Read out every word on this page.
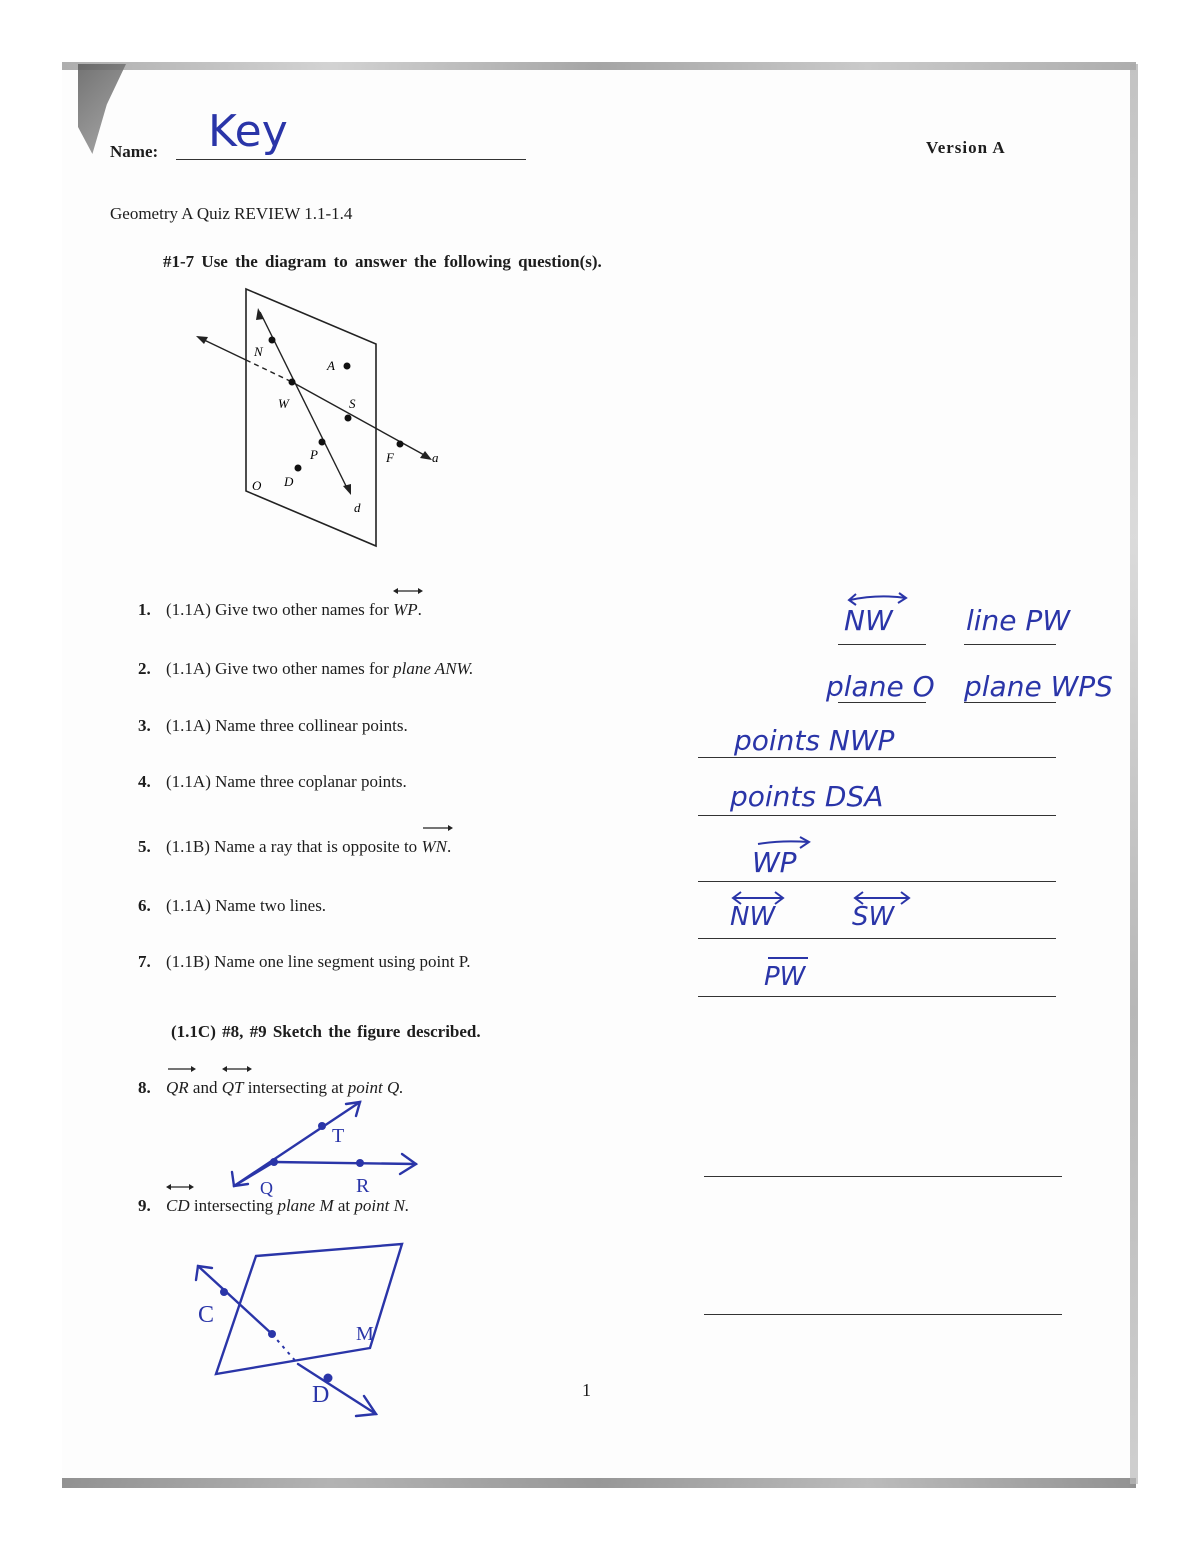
Name: Key	Version A
Geometry A Quiz REVIEW 1.1-1.4
#1-7 Use the diagram to answer the following question(s).
N
A
W	S
P	F	a
O D
d
1. (1.1A) Give two other names for WP.
2. (1.1A) Give two other names for plane ANW.
3. (1.1A) Name three collinear points.
4. (1.1A) Name three coplanar points.
5. (1.1B) Name a ray that is opposite to WN.
6. (1.1A) Name two lines.
7. (1.1B) Name one line segment using point P.
NW	line PW
plane O plane WPS
points NWP
points DSA
WP
NW	SW
PW
(1.1C) #8, #9 Sketch the figure described.
8. QR and QT intersecting at point Q.
T
Q	R
9. CD intersecting plane M at point N.
C
M
D	1
